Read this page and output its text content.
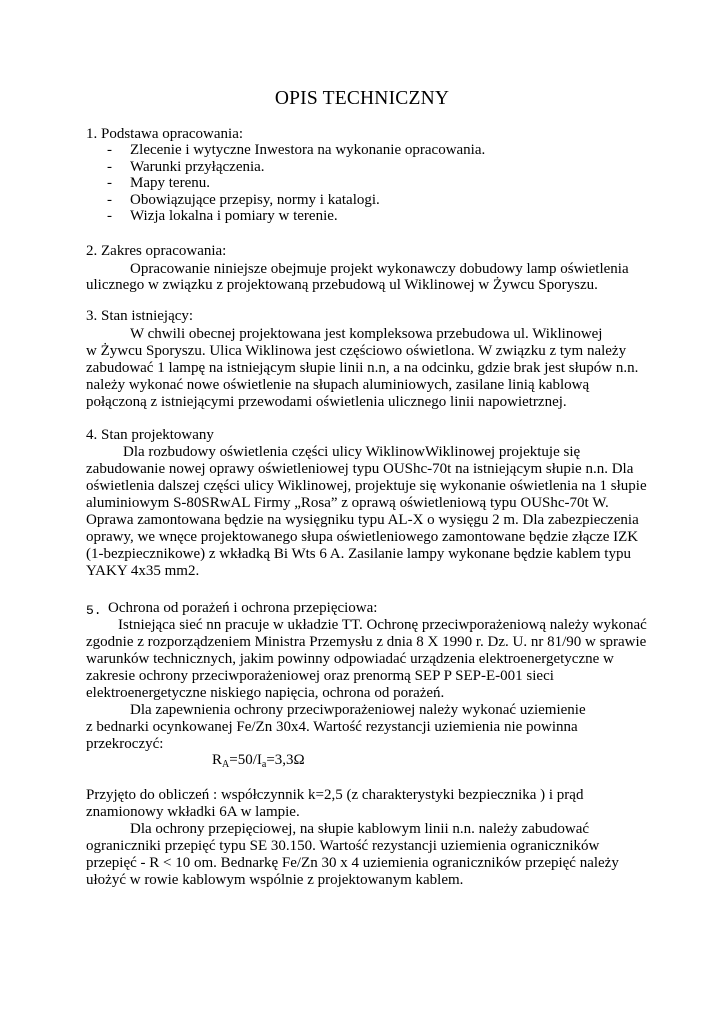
OPIS TECHNICZNY
1. Podstawa opracowania:
- Zlecenie i wytyczne Inwestora na wykonanie opracowania.
- Warunki przyłączenia.
- Mapy terenu.
- Obowiązujące przepisy, normy i katalogi.
- Wizja lokalna i pomiary w terenie.
2. Zakres opracowania:
Opracowanie niniejsze obejmuje projekt wykonawczy dobudowy lamp oświetlenia
ulicznego w związku z projektowaną przebudową ul Wiklinowej w Żywcu Sporyszu.
3. Stan istniejący:
W chwili obecnej projektowana jest kompleksowa przebudowa ul. Wiklinowej
w Żywcu Sporyszu. Ulica Wiklinowa jest częściowo oświetlona. W związku z tym należy
zabudować 1 lampę na istniejącym słupie linii n.n, a na odcinku, gdzie brak jest słupów n.n.
należy wykonać nowe oświetlenie na słupach aluminiowych, zasilane linią kablową
połączoną z istniejącymi przewodami oświetlenia ulicznego linii napowietrznej.
4. Stan projektowany
Dla rozbudowy oświetlenia części ulicy WiklinowWiklinowej projektuje się
zabudowanie nowej oprawy oświetleniowej typu OUShc-70t na istniejącym słupie n.n. Dla
oświetlenia dalszej części ulicy Wiklinowej, projektuje się wykonanie oświetlenia na 1 słupie
aluminiowym S-80SRwAL Firmy „Rosa” z oprawą oświetleniową typu OUShc-70t W.
Oprawa zamontowana będzie na wysięgniku typu AL-X o wysięgu 2 m. Dla zabezpieczenia
oprawy, we wnęce projektowanego słupa oświetleniowego zamontowane będzie złącze IZK
(1-bezpiecznikowe) z wkładką Bi Wts 6 A. Zasilanie lampy wykonane będzie kablem typu
YAKY 4x35 mm2.
5. Ochrona od porażeń i ochrona przepięciowa:
Istniejąca sieć nn pracuje w układzie TT. Ochronę przeciwporażeniową należy wykonać
zgodnie z rozporządzeniem Ministra Przemysłu z dnia 8 X 1990 r. Dz. U. nr 81/90 w sprawie
warunków technicznych, jakim powinny odpowiadać urządzenia elektroenergetyczne w
zakresie ochrony przeciwporażeniowej oraz prenormą SEP P SEP-E-001 sieci
elektroenergetyczne niskiego napięcia, ochrona od porażeń.
Dla zapewnienia ochrony przeciwporażeniowej należy wykonać uziemienie
z bednarki ocynkowanej Fe/Zn 30x4. Wartość rezystancji uziemienia nie powinna
przekroczyć:
$R_A=50/I_a=3,3\Omega$
Przyjęto do obliczeń : współczynnik k=2,5 (z charakterystyki bezpiecznika ) i prąd
znamionowy wkładki 6A w lampie.
Dla ochrony przepięciowej, na słupie kablowym linii n.n. należy zabudować
ograniczniki przepięć typu SE 30.150. Wartość rezystancji uziemienia ograniczników
przepięć - R < 10 om. Bednarkę Fe/Zn 30 x 4 uziemienia ograniczników przepięć należy
ułożyć w rowie kablowym wspólnie z projektowanym kablem.
